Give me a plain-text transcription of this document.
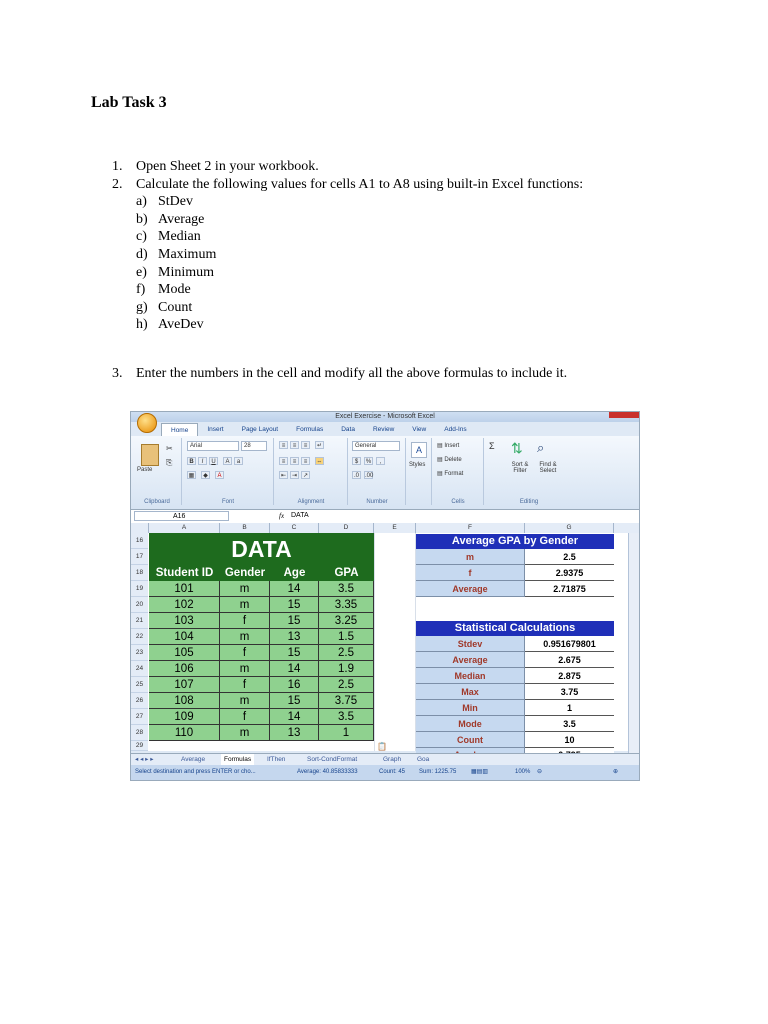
Lab Task 3
1. Open Sheet 2 in your workbook.
2. Calculate the following values for cells A1 to A8 using built-in Excel functions:
a) StDev
b) Average
c) Median
d) Maximum
e) Minimum
f) Mode
g) Count
h) AveDev
3. Enter the numbers in the cell and modify all the above formulas to include it.
Excel Exercise - Microsoft Excel
Home	Insert	Page Layout	Formulas	Data	Review	View	Add-Ins
Paste
✂
⎘
Clipboard
Arial	28
B	I	U	A	a
▦	◆	A
Font
≡	≡	≡	↵
≡	≡	≡	⇔
⇤ ⇥ ↗
Alignment
General
$	%	,
.0	.00
Number
A
Styles
▤ Insert
▤ Delete
▤ Format
Cells
Σ ⇅ ⌕
Sort & Filter
Find & Select
Editing
A16	fx DATA
A	B	C	D	E	F	G
16
17
18
19
20
21
22
23
24
25
26
27
28
29
DATA
Student ID	Gender	Age	GPA
101	m	14	3.5
102	m	15	3.35
103	f	15	3.25
104	m	13	1.5
105	f	15	2.5
106	m	14	1.9
107	f	16	2.5
108	m	15	3.75
109	f	14	3.5
110	m	13	1
📋
Average GPA by Gender
m	2.5
f	2.9375
Average	2.71875
Statistical Calculations
Stdev	0.951679801
Average	2.675
Median	2.875
Max	3.75
Min	1
Mode	3.5
Count	10
◂ ◂ ▸ ▸	Average	Formulas	IfThen	Sort-CondFormat	Graph Goa
Select destination and press ENTER or cho...	Average: 40.85833333	Count: 45 Sum: 1225.75 ▦▤▥	100% ⊖	⊕
